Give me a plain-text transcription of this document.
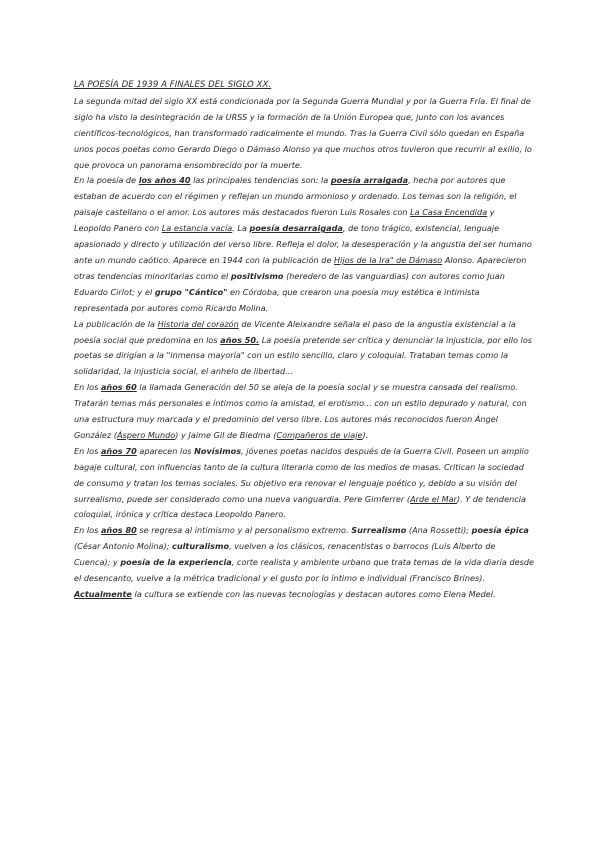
LA POESÍA DE 1939 A FINALES DEL SIGLO XX.

La segunda mitad del siglo XX está condicionada por la Segunda Guerra Mundial y por la Guerra Fría. El final de siglo ha visto la desintegración de la URSS y la formación de la Unión Europea que, junto con los avances científicos-tecnológicos, han transformado radicalmente el mundo. Tras la Guerra Civil sólo quedan en España unos pocos poetas como Gerardo Diego o Dámaso Alonso ya que muchos otros tuvieron que recurrir al exilio, lo que provoca un panorama ensombrecido por la muerte.

En la poesía de los años 40 las principales tendencias son: la poesía arraigada, hecha por autores que estaban de acuerdo con el régimen y reflejan un mundo armonioso y ordenado. Los temas son la religión, el paisaje castellano o el amor. Los autores más destacados fueron Luis Rosales con La Casa Encendida y Leopoldo Panero con La estancia vacía. La poesía desarraigada, de tono trágico, existencial, lenguaje apasionado y directo y utilización del verso libre. Refleja el dolor, la desesperación y la angustia del ser humano ante un mundo caótico. Aparece en 1944 con la publicación de Hijos de la Ira" de Dámaso Alonso. Aparecieron otras tendencias minoritarias como el positivismo (heredero de las vanguardias) con autores como Juan Eduardo Cirlot; y el grupo "Cántico" en Córdoba, que crearon una poesía muy estética e intimista representada por autores como Ricardo Molina.

La publicación de la Historia del corazón de Vicente Aleixandre señala el paso de la angustia existencial a la poesía social que predomina en los años 50. La poesía pretende ser crítica y denunciar la injusticia, por ello los poetas se dirigían a la "inmensa mayoría" con un estilo sencillo, claro y coloquial. Trataban temas como la solidaridad, la injusticia social, el anhelo de libertad...

En los años 60 la llamada Generación del 50 se aleja de la poesía social y se muestra cansada del realismo. Tratarán temas más personales e íntimos como la amistad, el erotismo... con un estilo depurado y natural, con una estructura muy marcada y el predominio del verso libre. Los autores más reconocidos fueron Ángel González (Áspero Mundo) y Jaime Gil de Biedma (Compañeros de viaje).

En los años 70 aparecen los Novísimos, jóvenes poetas nacidos después de la Guerra Civil. Poseen un amplio bagaje cultural, con influencias tanto de la cultura literaria como de los medios de masas. Critican la sociedad de consumo y tratan los temas sociales. Su objetivo era renovar el lenguaje poético y, debido a su visión del surrealismo, puede ser considerado como una nueva vanguardia. Pere Gimferrer (Arde el Mar). Y de tendencia coloquial, irónica y crítica destaca Leopoldo Panero.

En los años 80 se regresa al intimismo y al personalismo extremo. Surrealismo (Ana Rossetti); poesía épica (César Antonio Molina); culturalismo, vuelven a los clásicos, renacentistas o barrocos (Luis Alberto de Cuenca); y poesía de la experiencia, corte realista y ambiente urbano que trata temas de la vida diaria desde el desencanto, vuelve a la métrica tradicional y el gusto por lo íntimo e individual (Francisco Brines).

Actualmente la cultura se extiende con las nuevas tecnologías y destacan autores como Elena Medel.
